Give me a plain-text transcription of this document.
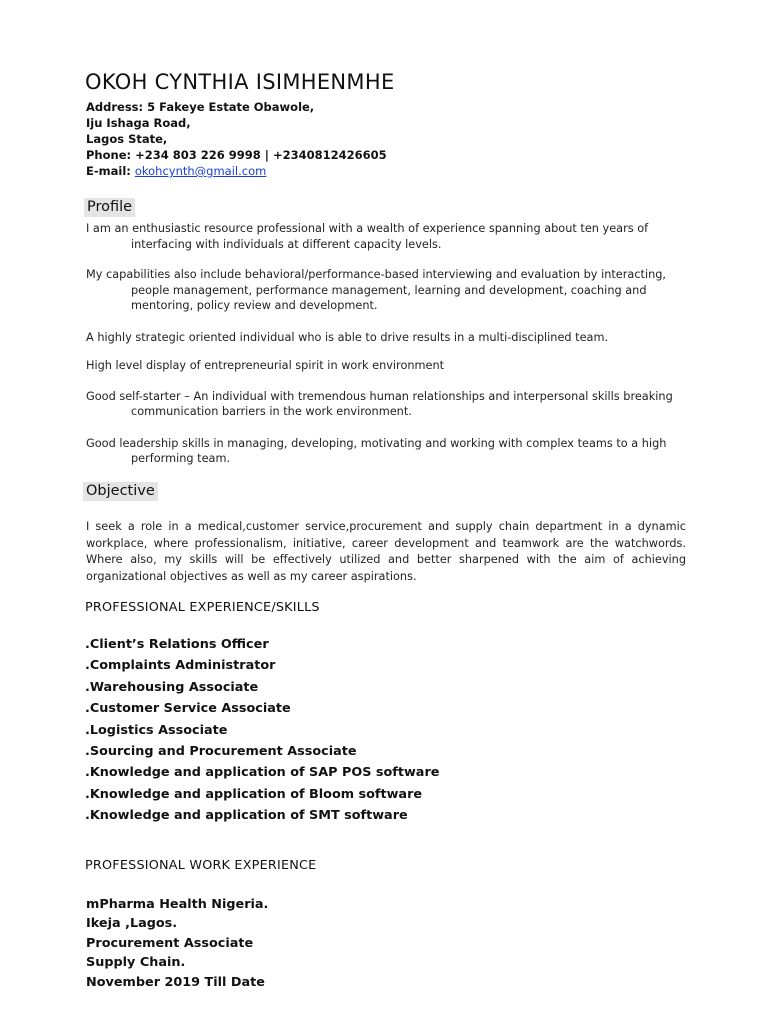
OKOH CYNTHIA ISIMHENMHE
Address: 5 Fakeye Estate Obawole,
Iju Ishaga Road,
Lagos State,
Phone: +234 803 226 9998 | +2340812426605
E-mail: okohcynth@gmail.com
Profile

I am an enthusiastic resource professional with a wealth of experience spanning about ten years of interfacing with individuals at different capacity levels.

My capabilities also include behavioral/performance-based interviewing and evaluation by interacting, people management, performance management, learning and development, coaching and mentoring, policy review and development.

A highly strategic oriented individual who is able to drive results in a multi-disciplined team.

High level display of entrepreneurial spirit in work environment

Good self-starter – An individual with tremendous human relationships and interpersonal skills breaking communication barriers in the work environment.

Good leadership skills in managing, developing, motivating and working with complex teams to a high performing team.

Objective

I seek a role in a medical,customer service,procurement and supply chain department in a dynamic workplace, where professionalism, initiative, career development and teamwork are the watchwords. Where also, my skills will be effectively utilized and better sharpened with the aim of achieving organizational objectives as well as my career aspirations.

PROFESSIONAL EXPERIENCE/SKILLS
.Client’s Relations Officer
.Complaints Administrator
.Warehousing Associate
.Customer Service Associate
.Logistics Associate
.Sourcing and Procurement Associate
.Knowledge and application of SAP POS software
.Knowledge and application of Bloom software
.Knowledge and application of SMT software
PROFESSIONAL WORK EXPERIENCE
mPharma Health Nigeria.
Ikeja ,Lagos.
Procurement Associate
Supply Chain.
November 2019 Till Date
